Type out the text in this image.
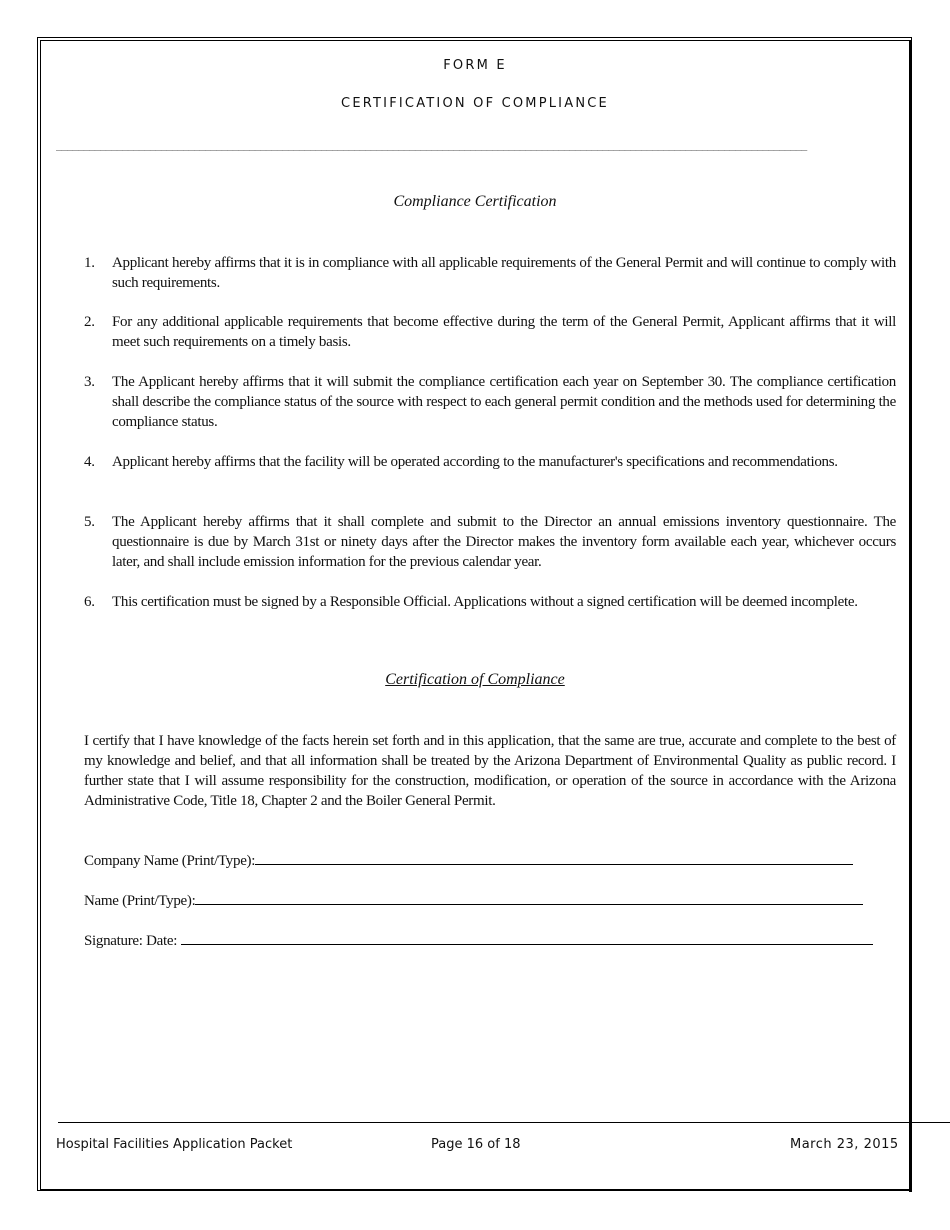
FORM E
CERTIFICATION OF COMPLIANCE
_____
Compliance Certification
1.	Applicant hereby affirms that it is in compliance with all applicable requirements of the General Permit and will continue to comply with such requirements.
2.	For any additional applicable requirements that become effective during the term of the General Permit, Applicant affirms that it will meet such requirements on a timely basis.
3.	The Applicant hereby affirms that it will submit the compliance certification each year on September 30. The compliance certification shall describe the compliance status of the source with respect to each general permit condition and the methods used for determining the compliance status.
4.	Applicant hereby affirms that the facility will be operated according to the manufacturer's specifications and recommendations.
5.	The Applicant hereby affirms that it shall complete and submit to the Director an annual emissions inventory questionnaire. The questionnaire is due by March 31st or ninety days after the Director makes the inventory form available each year, whichever occurs later, and shall include emission information for the previous calendar year.
6.	This certification must be signed by a Responsible Official. Applications without a signed certification will be deemed incomplete.
Certification of Compliance
I certify that I have knowledge of the facts herein set forth and in this application, that the same are true, accurate and complete to the best of my knowledge and belief, and that all information shall be treated by the Arizona Department of Environmental Quality as public record. I further state that I will assume responsibility for the construction, modification, or operation of the source in accordance with the Arizona Administrative Code, Title 18, Chapter 2 and the Boiler General Permit.
Company Name (Print/Type):
Name (Print/Type):
Signature: Date:
Hospital Facilities Application Packet	Page 16 of 18	March 23, 2015
